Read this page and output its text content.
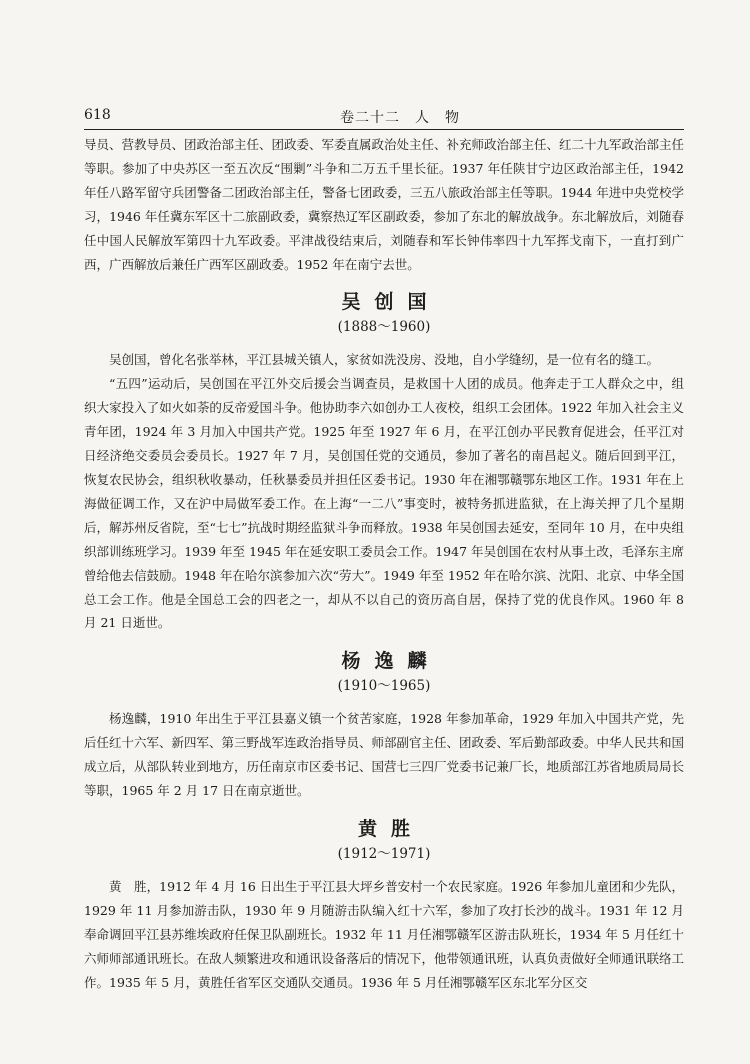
618	卷二十二　人　物

导员、营教导员、团政治部主任、团政委、军委直属政治处主任、补充师政治部主任、红二十九军政治部主任等职。参加了中央苏区一至五次反“围剿”斗争和二万五千里长征。1937 年任陕甘宁边区政治部主任，1942 年任八路军留守兵团警备二团政治部主任，警备七团政委，三五八旅政治部主任等职。1944 年进中央党校学习，1946 年任冀东军区十二旅副政委，冀察热辽军区副政委，参加了东北的解放战争。东北解放后，刘随春任中国人民解放军第四十九军政委。平津战役结束后，刘随春和军长钟伟率四十九军挥戈南下，一直打到广西，广西解放后兼任广西军区副政委。1952 年在南宁去世。

吴创国

(1888～1960)

吴创国，曾化名张举林，平江县城关镇人，家贫如洗没房、没地，自小学缝纫，是一位有名的缝工。

“五四”运动后，吴创国在平江外交后援会当调查员，是救国十人团的成员。他奔走于工人群众之中，组织大家投入了如火如荼的反帝爱国斗争。他协助李六如创办工人夜校，组织工会团体。1922 年加入社会主义青年团，1924 年 3 月加入中国共产党。1925 年至 1927 年 6 月，在平江创办平民教育促进会，任平江对日经济绝交委员会委员长。1927 年 7 月，吴创国任党的交通员，参加了著名的南昌起义。随后回到平江，恢复农民协会，组织秋收暴动，任秋暴委员并担任区委书记。1930 年在湘鄂赣鄂东地区工作。1931 年在上海做征调工作，又在沪中局做军委工作。在上海“一二八”事变时，被特务抓进监狱，在上海关押了几个星期后，解苏州反省院，至“七七”抗战时期经监狱斗争而释放。1938 年吴创国去延安，至同年 10 月，在中央组织部训练班学习。1939 年至 1945 年在延安职工委员会工作。1947 年吴创国在农村从事土改，毛泽东主席曾给他去信鼓励。1948 年在哈尔滨参加六次“劳大”。1949 年至 1952 年在哈尔滨、沈阳、北京、中华全国总工会工作。他是全国总工会的四老之一，却从不以自己的资历高自居，保持了党的优良作风。1960 年 8 月 21 日逝世。

杨逸麟

(1910～1965)

杨逸麟，1910 年出生于平江县嘉义镇一个贫苦家庭，1928 年参加革命，1929 年加入中国共产党，先后任红十六军、新四军、第三野战军连政治指导员、师部副官主任、团政委、军后勤部政委。中华人民共和国成立后，从部队转业到地方，历任南京市区委书记、国营七三四厂党委书记兼厂长，地质部江苏省地质局局长等职，1965 年 2 月 17 日在南京逝世。

黄胜

(1912～1971)

黄　胜，1912 年 4 月 16 日出生于平江县大坪乡普安村一个农民家庭。1926 年参加儿童团和少先队，1929 年 11 月参加游击队，1930 年 9 月随游击队编入红十六军，参加了攻打长沙的战斗。1931 年 12 月奉命调回平江县苏维埃政府任保卫队副班长。1932 年 11 月任湘鄂赣军区游击队班长，1934 年 5 月任红十六师师部通讯班长。在敌人频繁进攻和通讯设备落后的情况下，他带领通讯班，认真负责做好全师通讯联络工作。1935 年 5 月，黄胜任省军区交通队交通员。1936 年 5 月任湘鄂赣军区东北军分区交
